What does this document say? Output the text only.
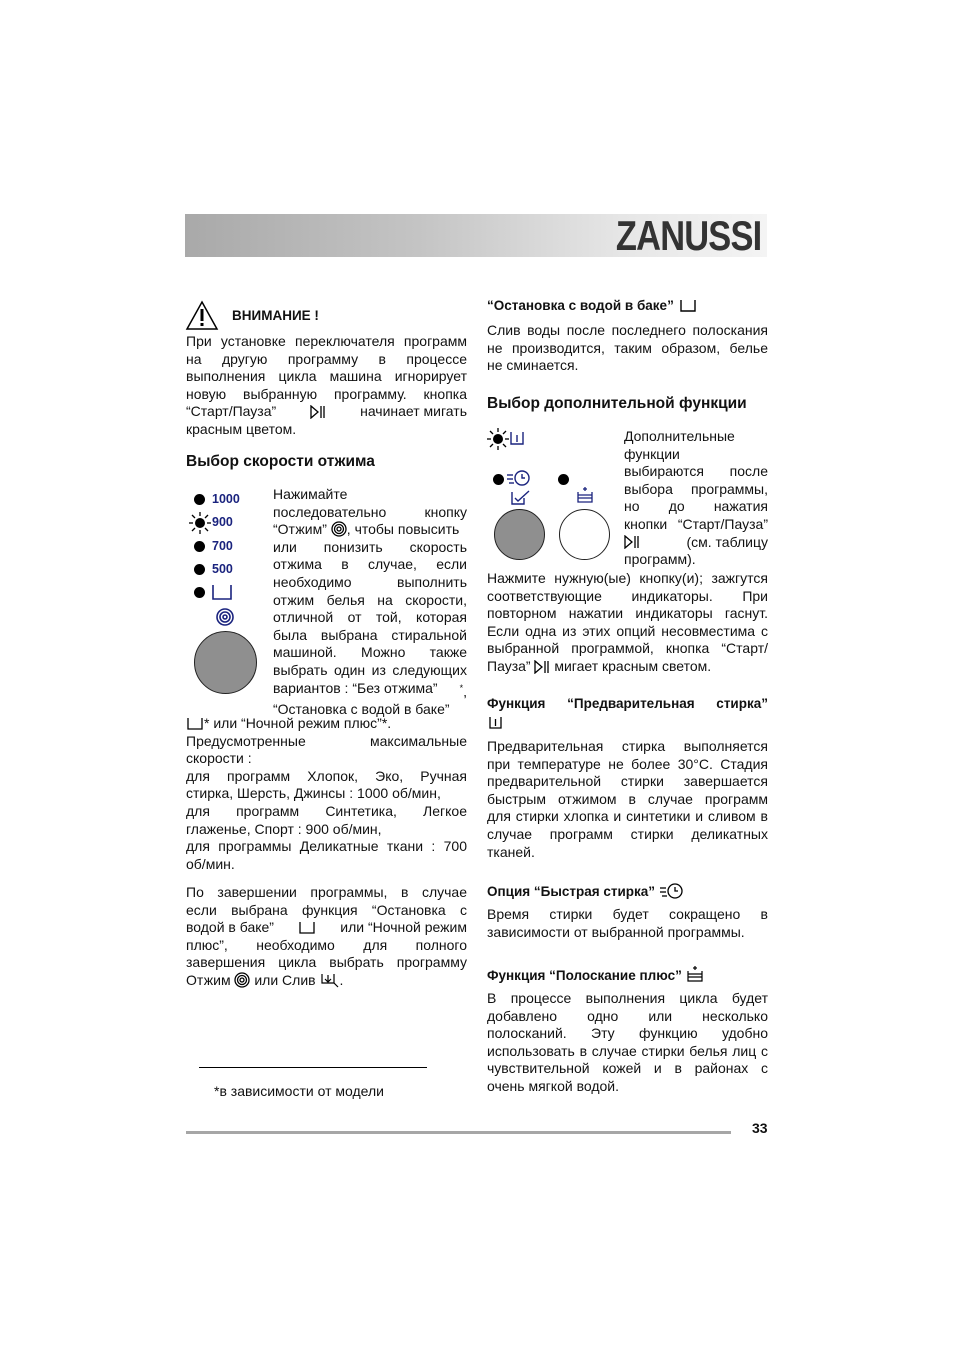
ZANUSSI
ВНИМАНИЕ !
При установке переключателя программ
на другую программу в процессе
выполнения цикла машина игнорирует
новую выбранную программу. кнопка
“Старт/Пауза”	начинает мигать
красным цветом.
Выбор скорости отжима
1000
900
700
500
Нажимайте
последовательно кнопку
“Отжим” , чтобы повысить
или понизить скорость
отжима в случае, если
необходимо выполнить
отжим белья на скорости,
отличной от той, которая
была выбрана стиральной
машиной. Можно также
выбрать один из следующих
вариантов : “Без отжима” *,
“Остановка с водой в баке”
* или “Ночной режим плюс”*.
Предусмотренные максимальные
скорости :
для программ Хлопок, Эко, Ручная
стирка, Шерсть, Джинсы : 1000 об/мин,
для программ Синтетика, Легкое
глаженье, Спорт : 900 об/мин,
для программы Деликатные ткани : 700
об/мин.
По завершении программы, в случае
если выбрана функция “Остановка с
водой в баке”	или “Ночной режим
плюс”, необходимо для полного
завершения цикла выбрать программу
Отжим или Слив .
*в зависимости от модели
“Остановка с водой в баке”
Слив воды после последнего полоскания
не производится, таким образом, белье
не сминается.
Выбор дополнительной функции
Дополнительные
функции
выбираются после
выбора программы,
но до нажатия
кнопки “Старт/Пауза”
(см. таблицу
программ).
Нажмите нужную(ые) кнопку(и); зажгутся
соответствующие индикаторы. При
повторном нажатии индикаторы гаснут.
Если одна из этих опций несовместима с
выбранной программой, кнопка “Старт/
Пауза” мигает красным светом.
Функция “Предварительная стирка”
Предварительная стирка выполняется
при температуре не более 30°C. Стадия
предварительной стирки завершается
быстрым отжимом в случае программ
для стирки хлопка и синтетики и сливом в
случае программ стирки деликатных
тканей.
Опция “Быстрая стирка”
Время стирки будет сокращено в
зависимости от выбранной программы.
Функция “Полоскание плюс”
В процессе выполнения цикла будет
добавлено одно или несколько
полосканий. Эту функцию удобно
использовать в случае стирки белья лиц с
чувствительной кожей и в районах с
очень мягкой водой.
33
